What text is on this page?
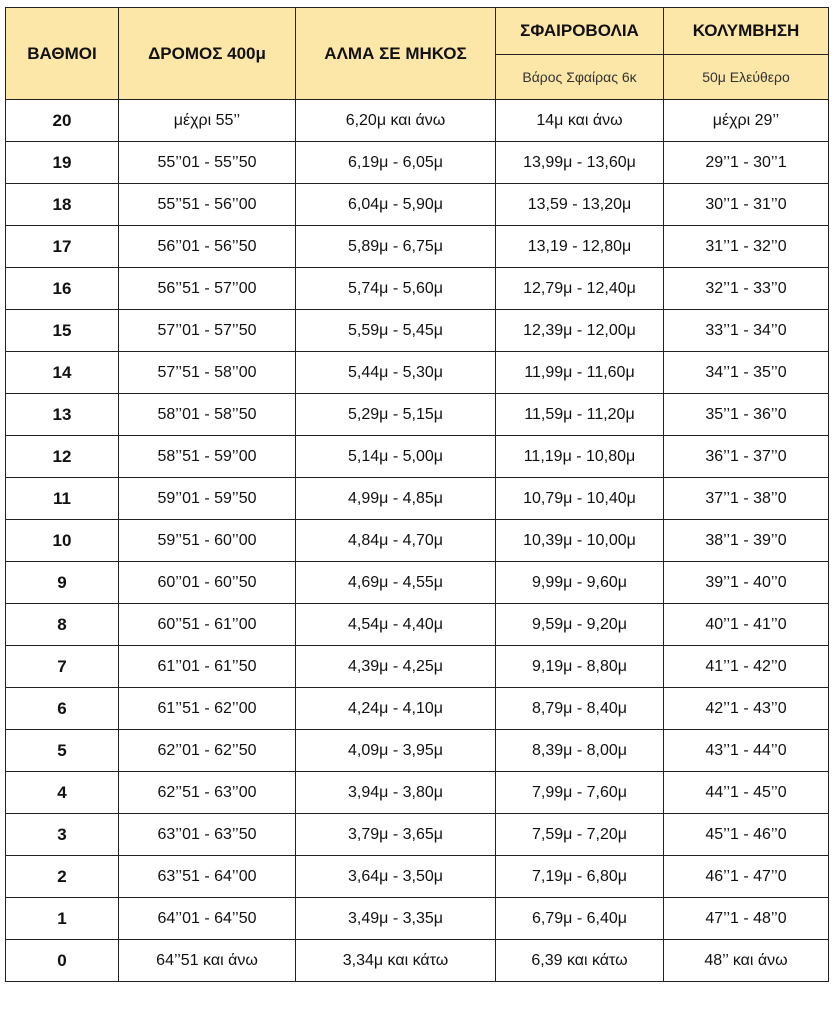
ΒΑΘΜΟΙ	ΔΡΟΜΟΣ 400μ	ΑΛΜΑ ΣΕ ΜΗΚΟΣ	ΣΦΑΙΡΟΒΟΛΙΑ	ΚΟΛΥΜΒΗΣΗ
			Βάρος Σφαίρας 6κ	50μ Ελεύθερο
20	μέχρι 55’’	6,20μ και άνω	14μ και άνω	μέχρι 29’’
19	55’’01 - 55’’50	6,19μ - 6,05μ	13,99μ - 13,60μ	29’’1 - 30’’1
18	55’’51 - 56’’00	6,04μ - 5,90μ	13,59 - 13,20μ	30’’1 - 31’’0
17	56’’01 - 56’’50	5,89μ - 6,75μ	13,19 - 12,80μ	31’’1 - 32’’0
16	56’’51 - 57’’00	5,74μ - 5,60μ	12,79μ - 12,40μ	32’’1 - 33’’0
15	57’’01 - 57’’50	5,59μ - 5,45μ	12,39μ - 12,00μ	33’’1 - 34’’0
14	57’’51 - 58’’00	5,44μ - 5,30μ	11,99μ - 11,60μ	34’’1 - 35’’0
13	58’’01 - 58’’50	5,29μ - 5,15μ	11,59μ - 11,20μ	35’’1 - 36’’0
12	58’’51 - 59’’00	5,14μ - 5,00μ	11,19μ - 10,80μ	36’’1 - 37’’0
11	59’’01 - 59’’50	4,99μ - 4,85μ	10,79μ - 10,40μ	37’’1 - 38’’0
10	59’’51 - 60’’00	4,84μ - 4,70μ	10,39μ - 10,00μ	38’’1 - 39’’0
9	60’’01 - 60’’50	4,69μ - 4,55μ	9,99μ - 9,60μ	39’’1 - 40’’0
8	60’’51 - 61’’00	4,54μ - 4,40μ	9,59μ - 9,20μ	40’’1 - 41’’0
7	61’’01 - 61’’50	4,39μ - 4,25μ	9,19μ - 8,80μ	41’’1 - 42’’0
6	61’’51 - 62’’00	4,24μ - 4,10μ	8,79μ - 8,40μ	42’’1 - 43’’0
5	62’’01 - 62’’50	4,09μ - 3,95μ	8,39μ - 8,00μ	43’’1 - 44’’0
4	62’’51 - 63’’00	3,94μ - 3,80μ	7,99μ - 7,60μ	44’’1 - 45’’0
3	63’’01 - 63’’50	3,79μ - 3,65μ	7,59μ - 7,20μ	45’’1 - 46’’0
2	63’’51 - 64’’00	3,64μ - 3,50μ	7,19μ - 6,80μ	46’’1 - 47’’0
1	64’’01 - 64’’50	3,49μ - 3,35μ	6,79μ - 6,40μ	47’’1 - 48’’0
0	64’’51 και άνω	3,34μ και κάτω	6,39 και κάτω	48’’ και άνω
